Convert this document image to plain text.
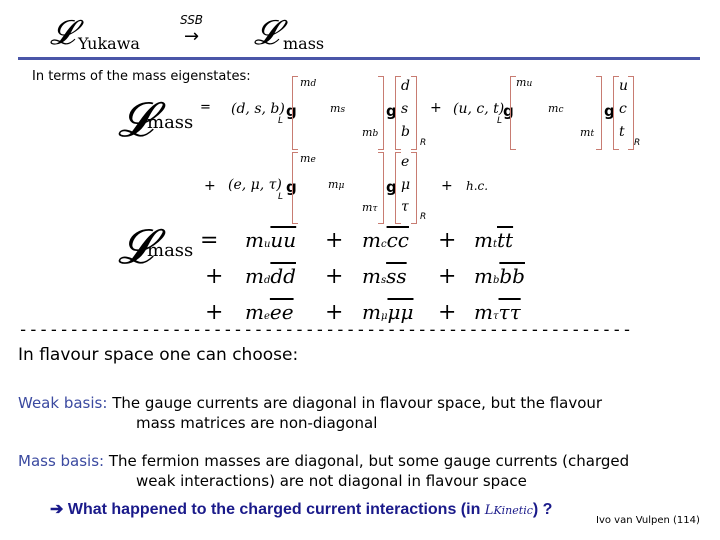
𝓛 Yukawa
SSB
→ 𝓛 mass
In terms of the mass eigenstates:
𝓛
mass
= (d, s, b)
L
g
md
ms
mb
g
d
s
b
R
+ (u, c, t)
L
g
mu
mc
mt
g
u
c
t
R
+ (e, μ, τ)
L
g
me
mμ
mτ
g
e
μ
τ
R
+ h.c.
𝓛
mass = $mu\overline{uu} + mc\overline{cc} + mt\overline{tt}$
+ $md\overline{dd} + ms\overline{ss} + mb\overline{bb}$
+ $me\overline{ee} + m\mu\overline{\mu\mu} + m\tau\overline{\tau\tau}$
------------------------------------------------------------
In flavour space one can choose:
Weak basis: The gauge currents are diagonal in flavour space, but the flavour
mass matrices are non-diagonal
Mass basis: The fermion masses are diagonal, but some gauge currents (charged
weak interactions) are not diagonal in flavour space
➔ What happened to the charged current interactions (in LKinetic) ?
Ivo van Vulpen (114)
